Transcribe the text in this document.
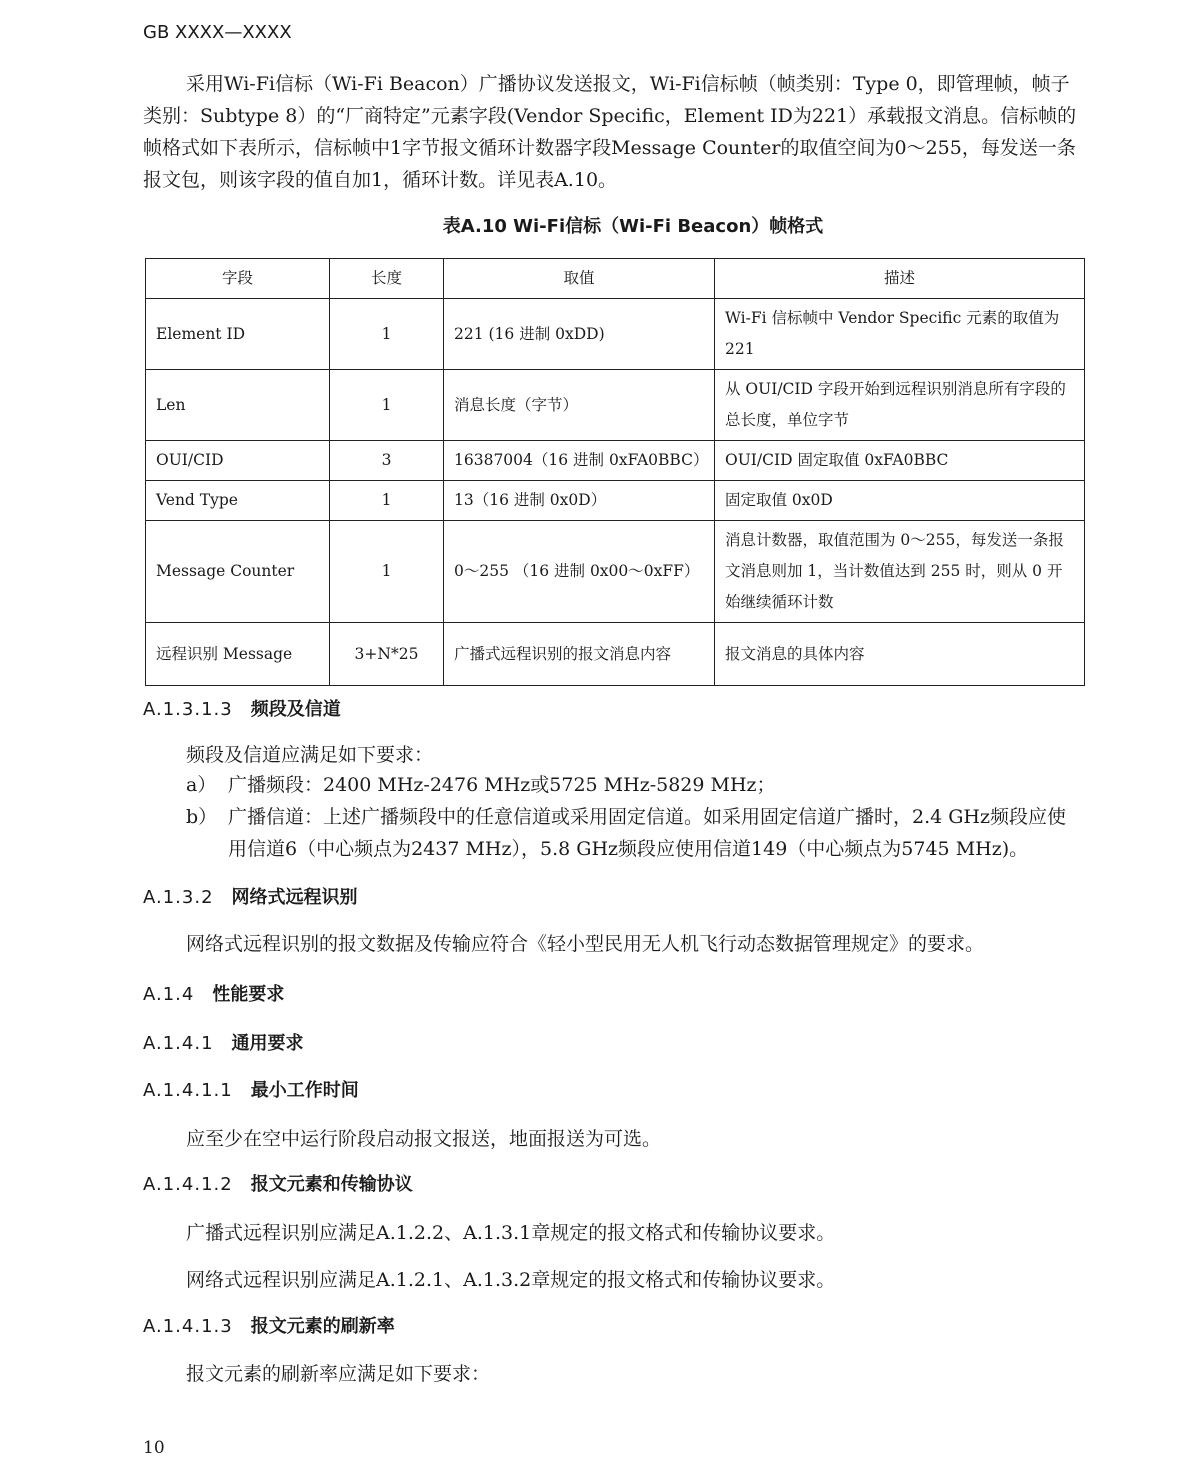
GB XXXX—XXXX

采用Wi-Fi信标（Wi-Fi Beacon）广播协议发送报文，Wi-Fi信标帧（帧类别：Type 0，即管理帧，帧子类别：Subtype 8）的“厂商特定”元素字段(Vendor Specific，Element ID为221）承载报文消息。信标帧的帧格式如下表所示，信标帧中1字节报文循环计数器字段Message Counter的取值空间为0～255，每发送一条报文包，则该字段的值自加1，循环计数。详见表A.10。

表A.10 Wi-Fi信标（Wi-Fi Beacon）帧格式
字段	长度	取值	描述
Element ID	1	221 (16 进制 0xDD)	Wi-Fi 信标帧中 Vendor Specific 元素的取值为 221
Len	1	消息长度（字节）	从 OUI/CID 字段开始到远程识别消息所有字段的总长度，单位字节
OUI/CID	3	16387004（16 进制 0xFA0BBC）	OUI/CID 固定取值 0xFA0BBC
Vend Type	1	13（16 进制 0x0D）	固定取值 0x0D
Message Counter	1	0～255 （16 进制 0x00～0xFF）	消息计数器，取值范围为 0～255，每发送一条报文消息则加 1，当计数值达到 255 时，则从 0 开始继续循环计数
远程识别 Message	3+N*25	广播式远程识别的报文消息内容	报文消息的具体内容
A.1.3.1.3 频段及信道
频段及信道应满足如下要求：
a） 广播频段：2400 MHz-2476 MHz或5725 MHz-5829 MHz；
b） 广播信道：上述广播频段中的任意信道或采用固定信道。如采用固定信道广播时，2.4 GHz频段应使用信道6（中心频点为2437 MHz），5.8 GHz频段应使用信道149（中心频点为5745 MHz)。
A.1.3.2 网络式远程识别
网络式远程识别的报文数据及传输应符合《轻小型民用无人机飞行动态数据管理规定》的要求。
A.1.4 性能要求
A.1.4.1 通用要求
A.1.4.1.1 最小工作时间
应至少在空中运行阶段启动报文报送，地面报送为可选。
A.1.4.1.2 报文元素和传输协议
广播式远程识别应满足A.1.2.2、A.1.3.1章规定的报文格式和传输协议要求。
网络式远程识别应满足A.1.2.1、A.1.3.2章规定的报文格式和传输协议要求。
A.1.4.1.3 报文元素的刷新率
报文元素的刷新率应满足如下要求：
10
